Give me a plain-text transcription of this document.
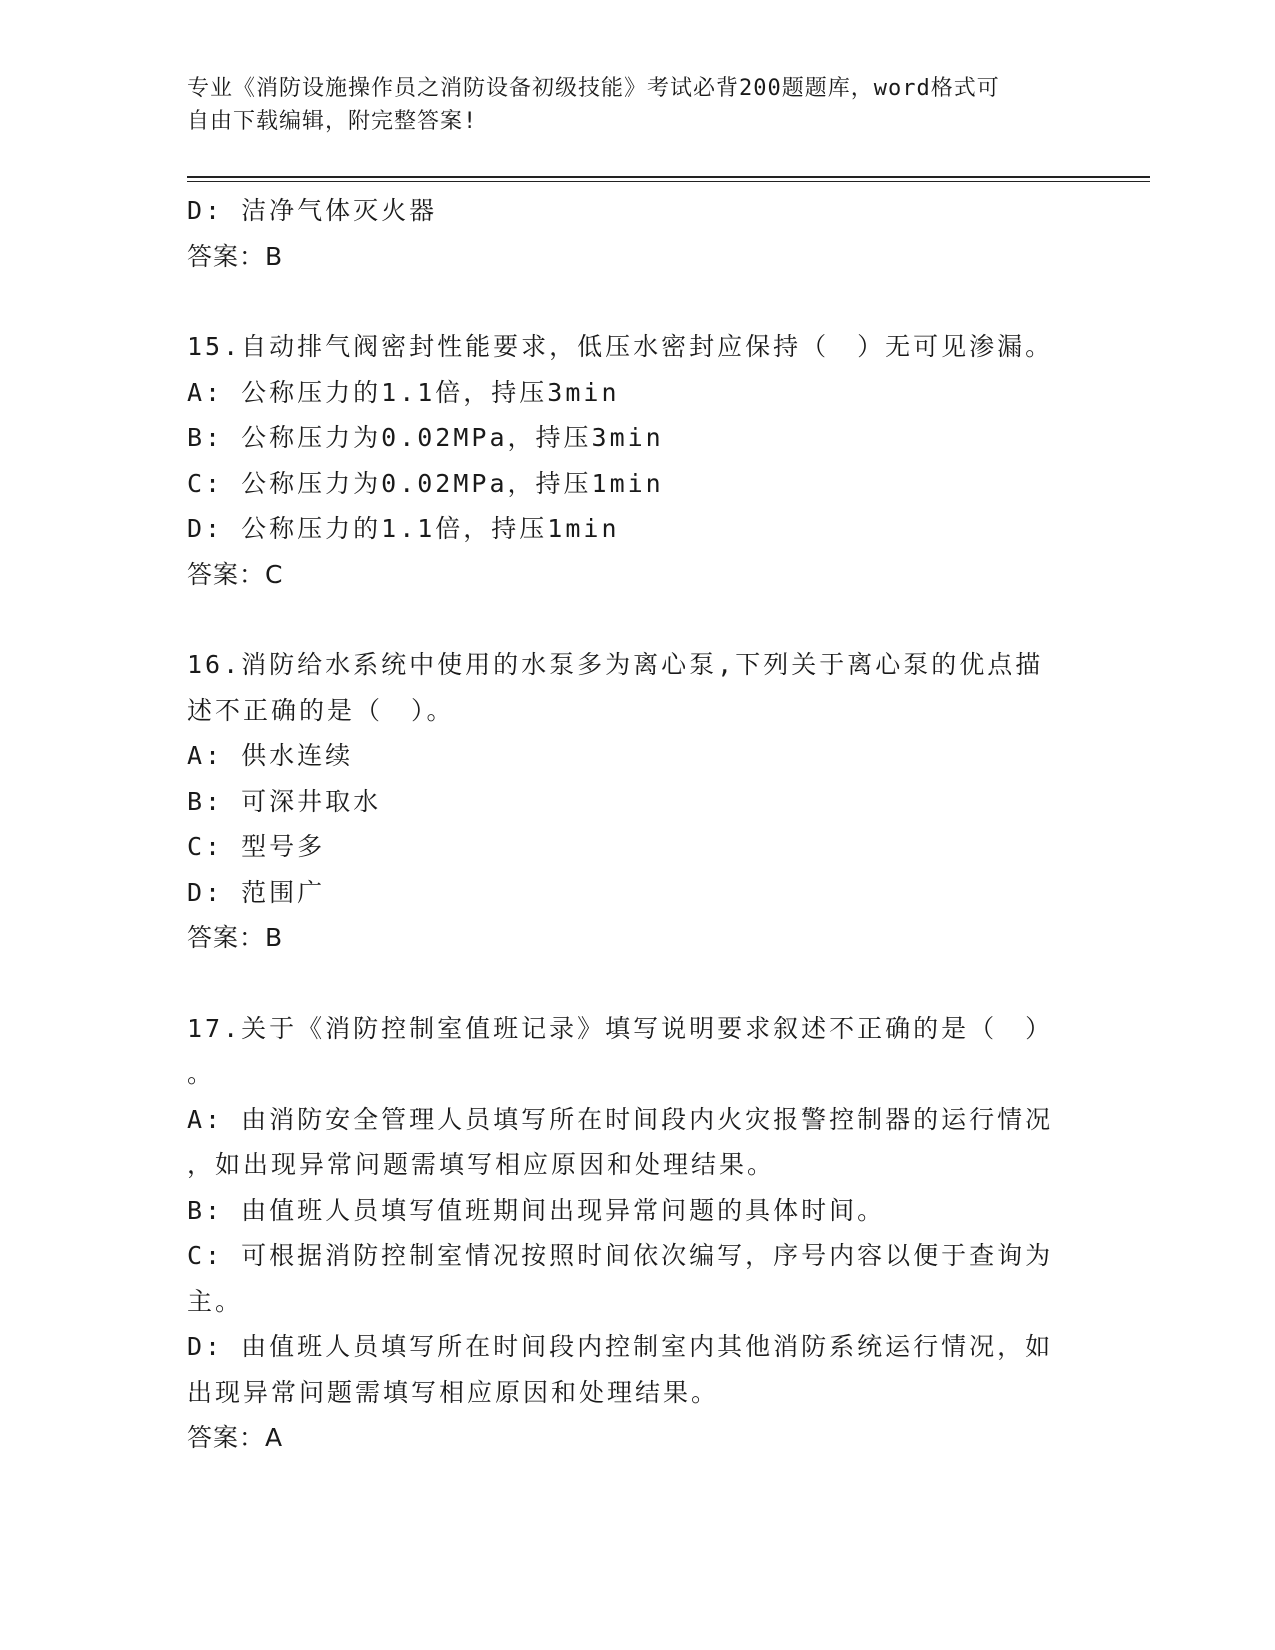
专业《消防设施操作员之消防设备初级技能》考试必背200题题库，word格式可
自由下载编辑，附完整答案!
D: 洁净气体灭火器
答案：B
15.自动排气阀密封性能要求，低压水密封应保持（　）无可见渗漏。
A: 公称压力的1.1倍，持压3min
B: 公称压力为0.02MPa，持压3min
C: 公称压力为0.02MPa，持压1min
D: 公称压力的1.1倍，持压1min
答案：C
16.消防给水系统中使用的水泵多为离心泵,下列关于离心泵的优点描
述不正确的是（　）。
A: 供水连续
B: 可深井取水
C: 型号多
D: 范围广
答案：B
17.关于《消防控制室值班记录》填写说明要求叙述不正确的是（　）
。
A: 由消防安全管理人员填写所在时间段内火灾报警控制器的运行情况
，如出现异常问题需填写相应原因和处理结果。
B: 由值班人员填写值班期间出现异常问题的具体时间。
C: 可根据消防控制室情况按照时间依次编写，序号内容以便于查询为
主。
D: 由值班人员填写所在时间段内控制室内其他消防系统运行情况，如
出现异常问题需填写相应原因和处理结果。
答案：A
